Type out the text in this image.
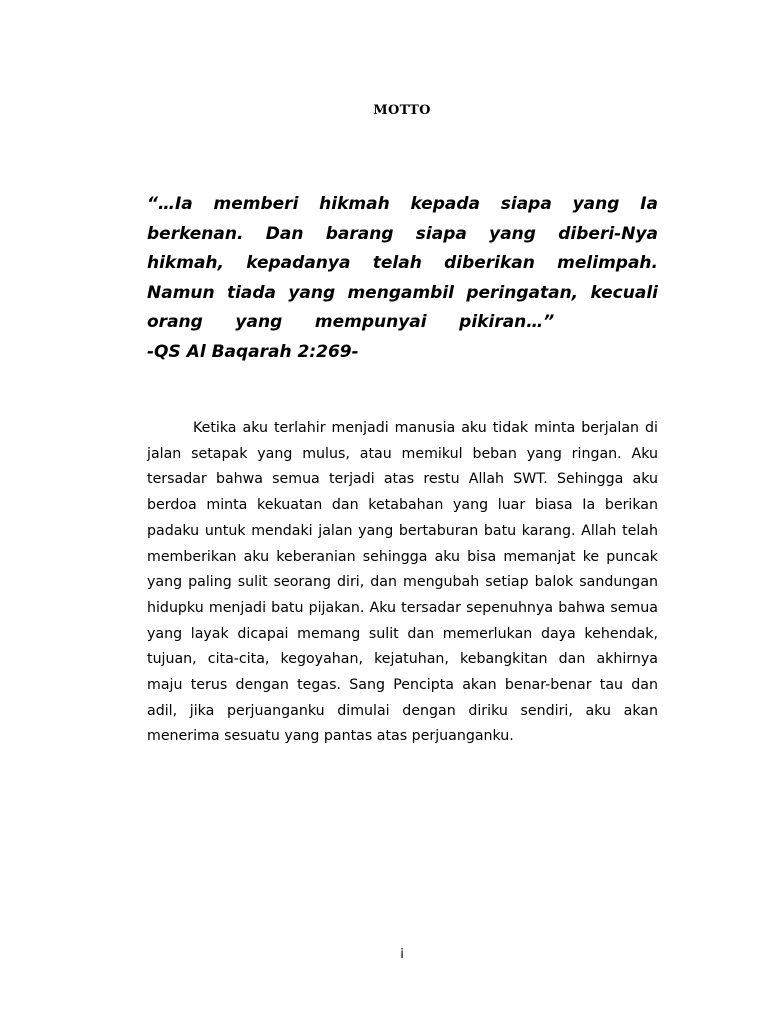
MOTTO

“…Ia memberi hikmah kepada siapa yang Ia berkenan. Dan barang siapa yang diberi-Nya hikmah, kepadanya telah diberikan melimpah. Namun tiada yang mengambil peringatan, kecuali orang yang mempunyai pikiran…”     -QS Al Baqarah 2:269-

Ketika aku terlahir menjadi manusia aku tidak minta berjalan di jalan setapak yang mulus, atau memikul beban yang ringan. Aku tersadar bahwa semua terjadi atas restu Allah SWT. Sehingga aku berdoa minta kekuatan dan ketabahan yang luar biasa Ia berikan padaku untuk mendaki jalan yang bertaburan batu karang. Allah telah memberikan aku keberanian sehingga aku bisa memanjat ke puncak yang paling sulit seorang diri, dan mengubah setiap balok sandungan hidupku menjadi batu pijakan. Aku tersadar sepenuhnya bahwa semua yang layak dicapai memang sulit dan memerlukan daya kehendak, tujuan, cita-cita, kegoyahan, kejatuhan, kebangkitan dan akhirnya maju terus dengan tegas. Sang Pencipta akan benar-benar tau dan adil, jika perjuanganku dimulai dengan diriku sendiri, aku akan menerima sesuatu yang pantas atas perjuanganku.

i
